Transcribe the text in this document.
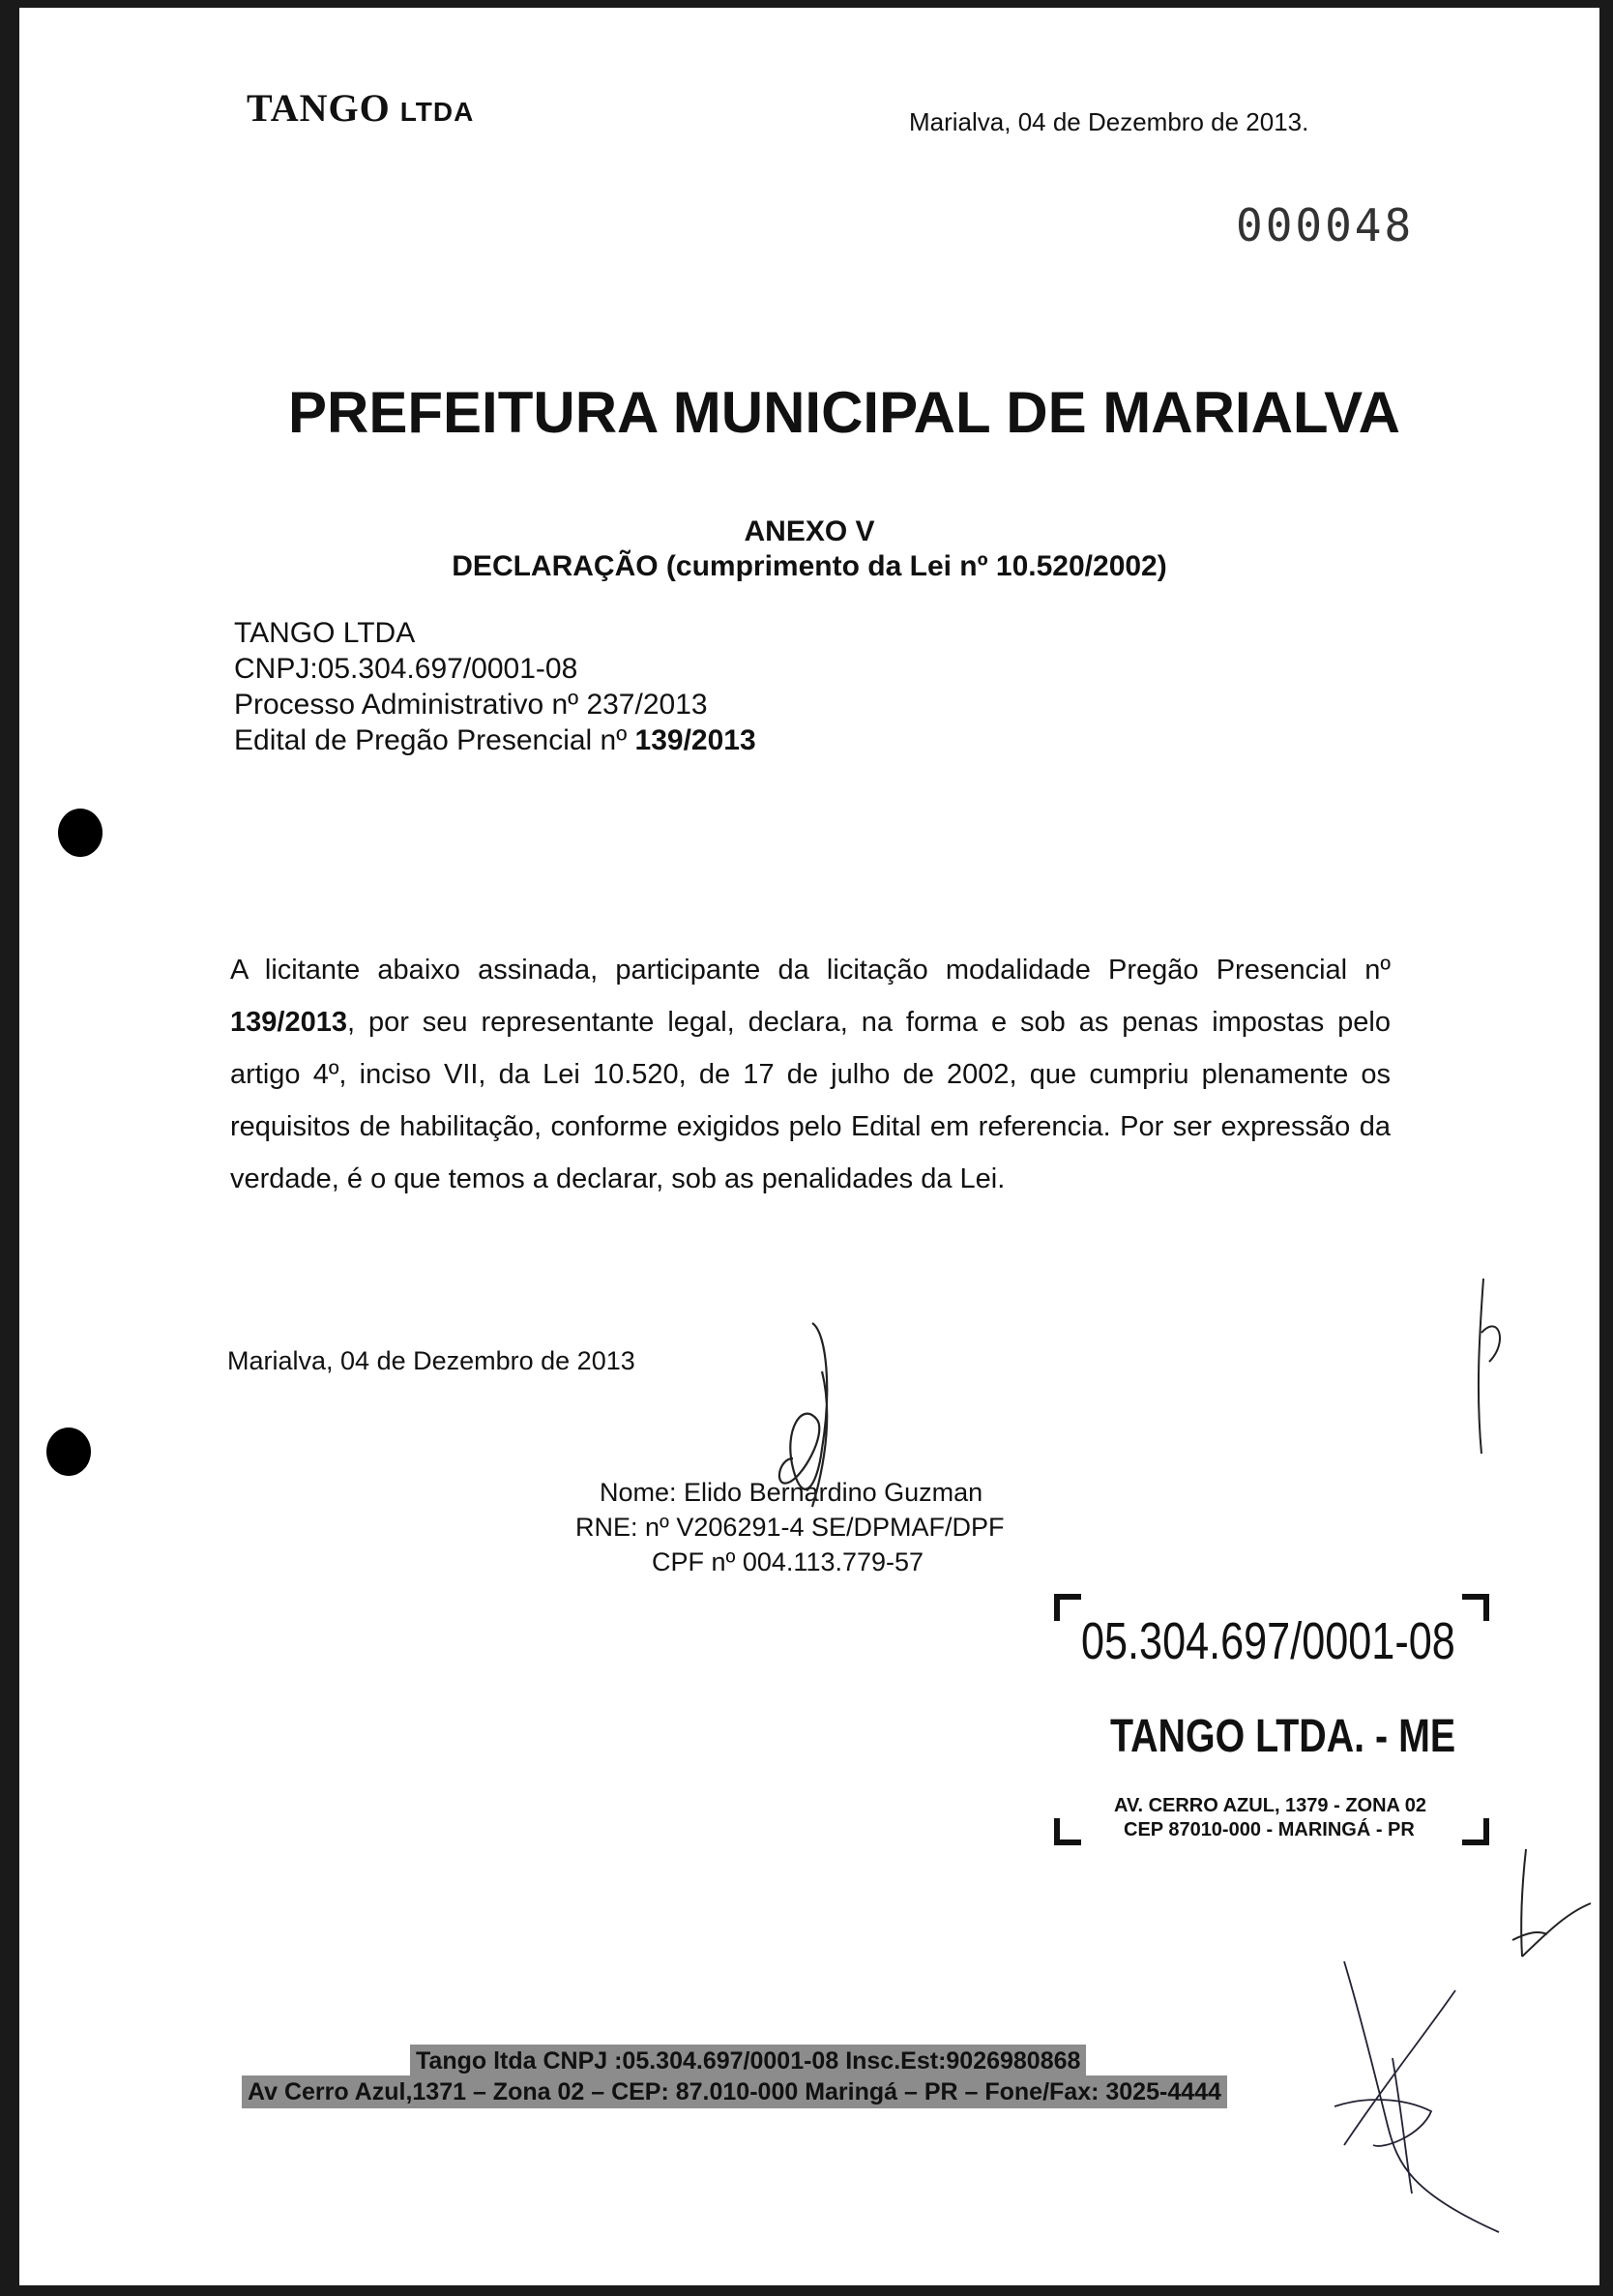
TANGO LTDA	Marialva, 04 de Dezembro de 2013.
000048
PREFEITURA MUNICIPAL DE MARIALVA
ANEXO V
DECLARAÇÃO (cumprimento da Lei nº 10.520/2002)
TANGO LTDA
CNPJ:05.304.697/0001-08
Processo Administrativo nº 237/2013
Edital de Pregão Presencial nº 139/2013
A licitante abaixo assinada, participante da licitação modalidade Pregão Presencial nº 139/2013, por seu representante legal, declara, na forma e sob as penas impostas pelo artigo 4º, inciso VII, da Lei 10.520, de 17 de julho de 2002, que cumpriu plenamente os requisitos de habilitação, conforme exigidos pelo Edital em referencia. Por ser expressão da verdade, é o que temos a declarar, sob as penalidades da Lei.
Marialva, 04 de Dezembro de 2013
Nome: Elido Bernardino Guzman
RNE: nº V206291-4 SE/DPMAF/DPF
CPF nº 004.113.779-57
05.304.697/0001-08
TANGO LTDA. - ME
AV. CERRO AZUL, 1379 - ZONA 02
CEP 87010-000 - MARINGÁ - PR
Tango ltda CNPJ :05.304.697/0001-08 Insc.Est:9026980868
Av Cerro Azul,1371 – Zona 02 – CEP: 87.010-000 Maringá – PR – Fone/Fax: 3025-4444
